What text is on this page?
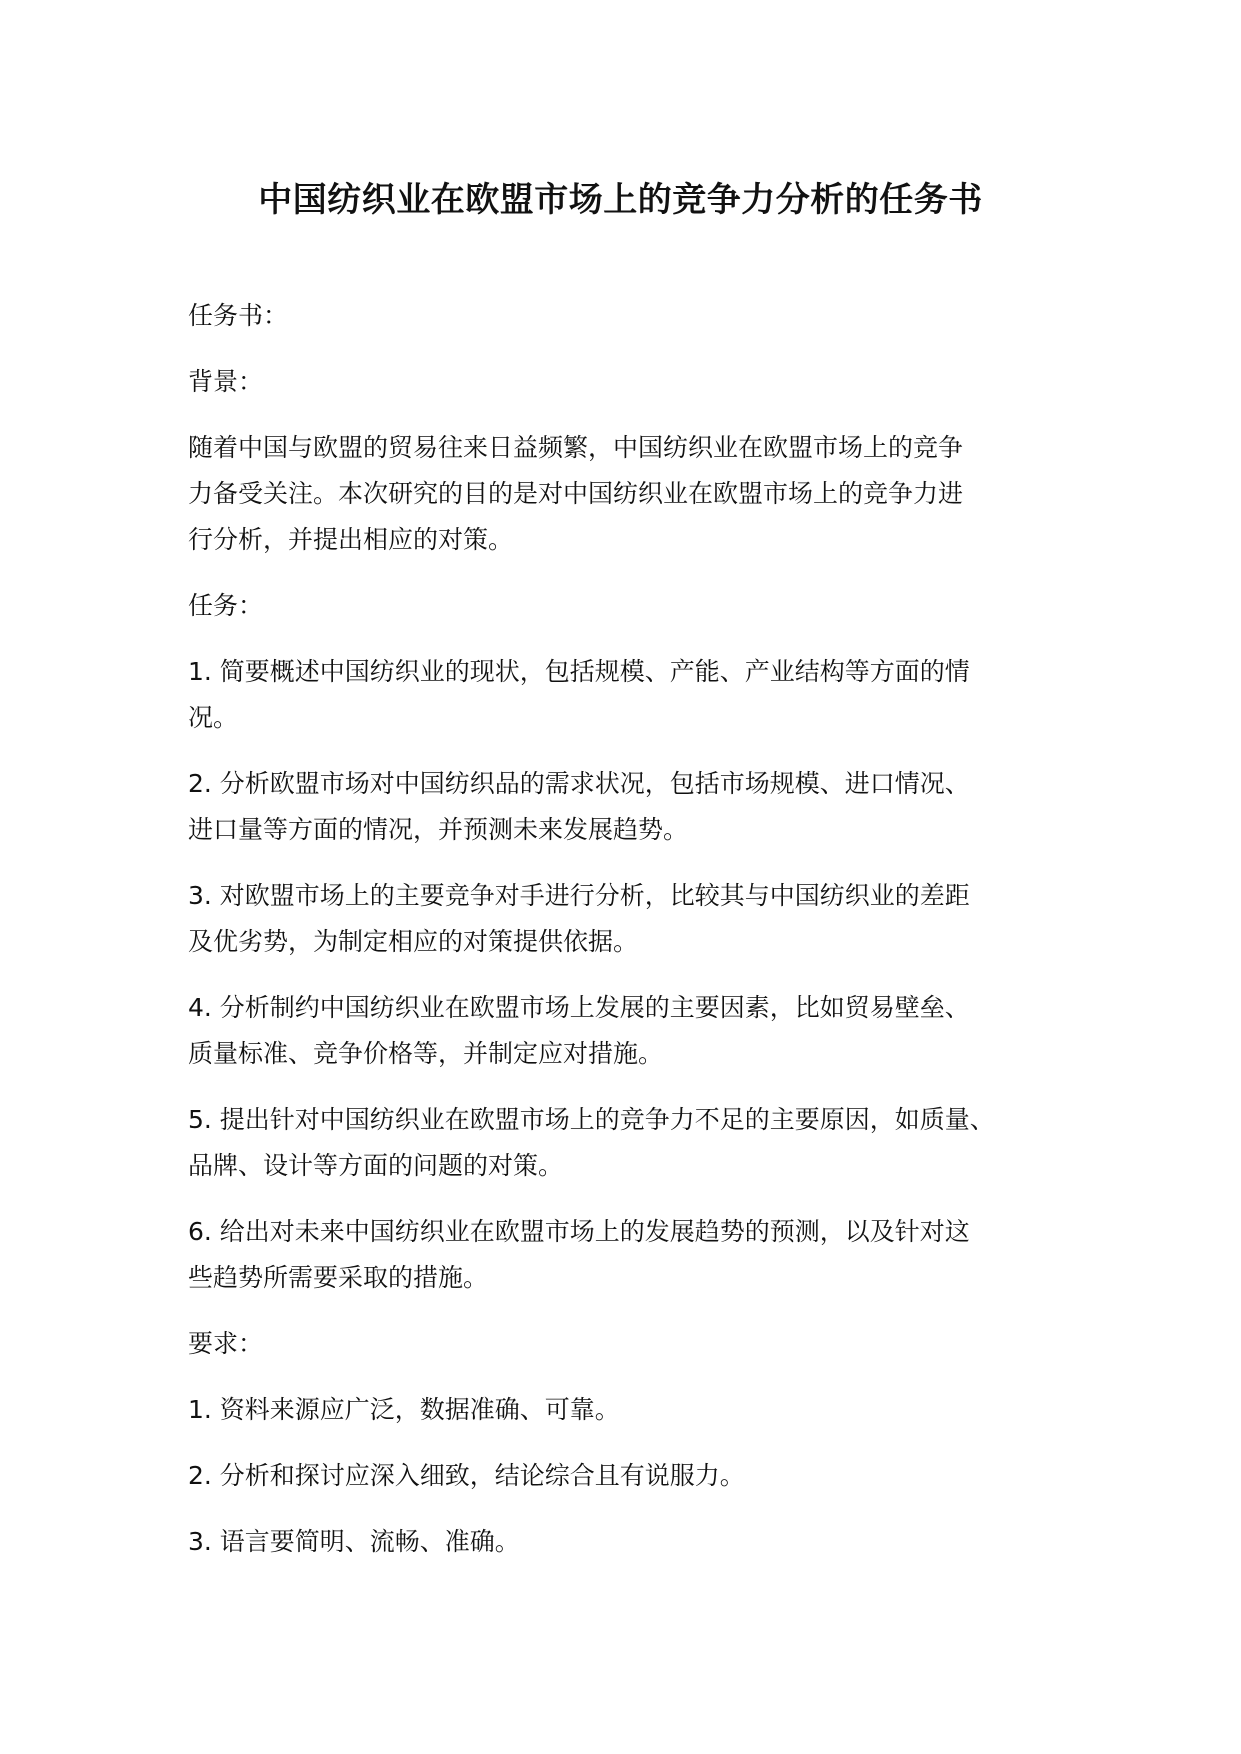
中国纺织业在欧盟市场上的竞争力分析的任务书

任务书：

背景：

随着中国与欧盟的贸易往来日益频繁，中国纺织业在欧盟市场上的竞争
力备受关注。本次研究的目的是对中国纺织业在欧盟市场上的竞争力进
行分析，并提出相应的对策。

任务：

1. 简要概述中国纺织业的现状，包括规模、产能、产业结构等方面的情
况。

2. 分析欧盟市场对中国纺织品的需求状况，包括市场规模、进口情况、
进口量等方面的情况，并预测未来发展趋势。

3. 对欧盟市场上的主要竞争对手进行分析，比较其与中国纺织业的差距
及优劣势，为制定相应的对策提供依据。

4. 分析制约中国纺织业在欧盟市场上发展的主要因素，比如贸易壁垒、
质量标准、竞争价格等，并制定应对措施。

5. 提出针对中国纺织业在欧盟市场上的竞争力不足的主要原因，如质量、
品牌、设计等方面的问题的对策。

6. 给出对未来中国纺织业在欧盟市场上的发展趋势的预测，以及针对这
些趋势所需要采取的措施。

要求：

1. 资料来源应广泛，数据准确、可靠。

2. 分析和探讨应深入细致，结论综合且有说服力。

3. 语言要简明、流畅、准确。
